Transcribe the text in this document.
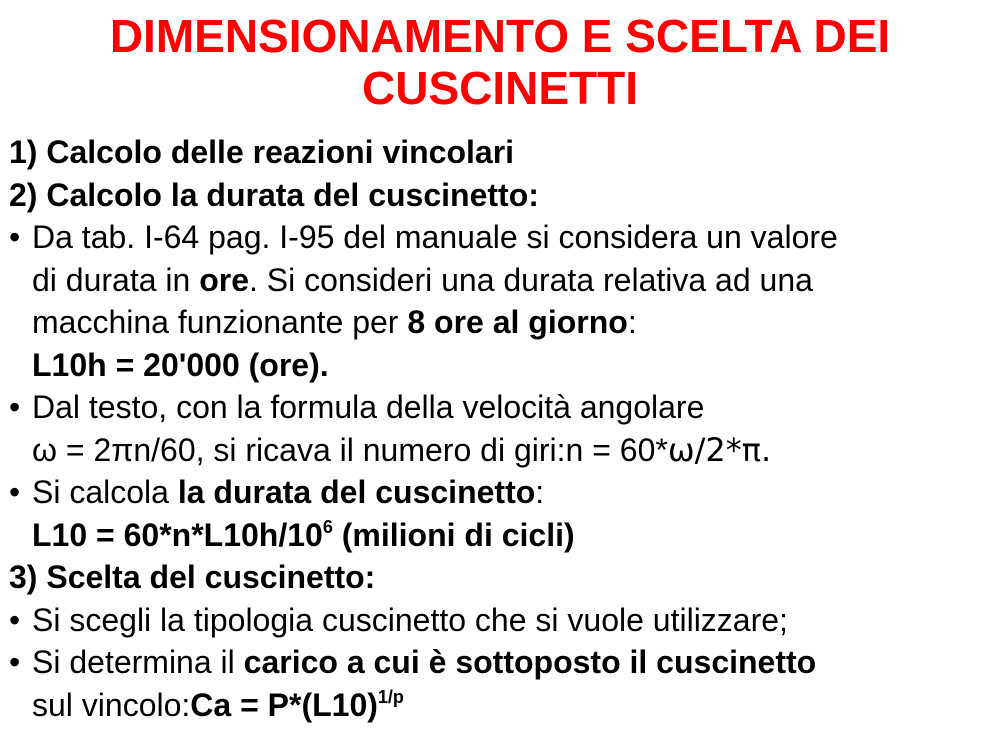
DIMENSIONAMENTO E SCELTA DEI CUSCINETTI

1) Calcolo delle reazioni vincolari

2) Calcolo la durata del cuscinetto:

• Da tab. I-64 pag. I-95 del manuale si considera un valore
di durata in ore. Si consideri una durata relativa ad una
macchina funzionante per 8 ore al giorno:
L10h = 20'000 (ore).
• Dal testo, con la formula della velocità angolare
ω = 2πn/60, si ricava il numero di giri:n = 60*ω/2*π.
• Si calcola la durata del cuscinetto:
$L10 = 60*n*L10h/10^6$ (milioni di cicli)

3) Scelta del cuscinetto:

• Si scegli la tipologia cuscinetto che si vuole utilizzare;
• Si determina il carico a cui è sottoposto il cuscinetto
sul vincolo:Ca = $P*(L10)^{1/p}$
